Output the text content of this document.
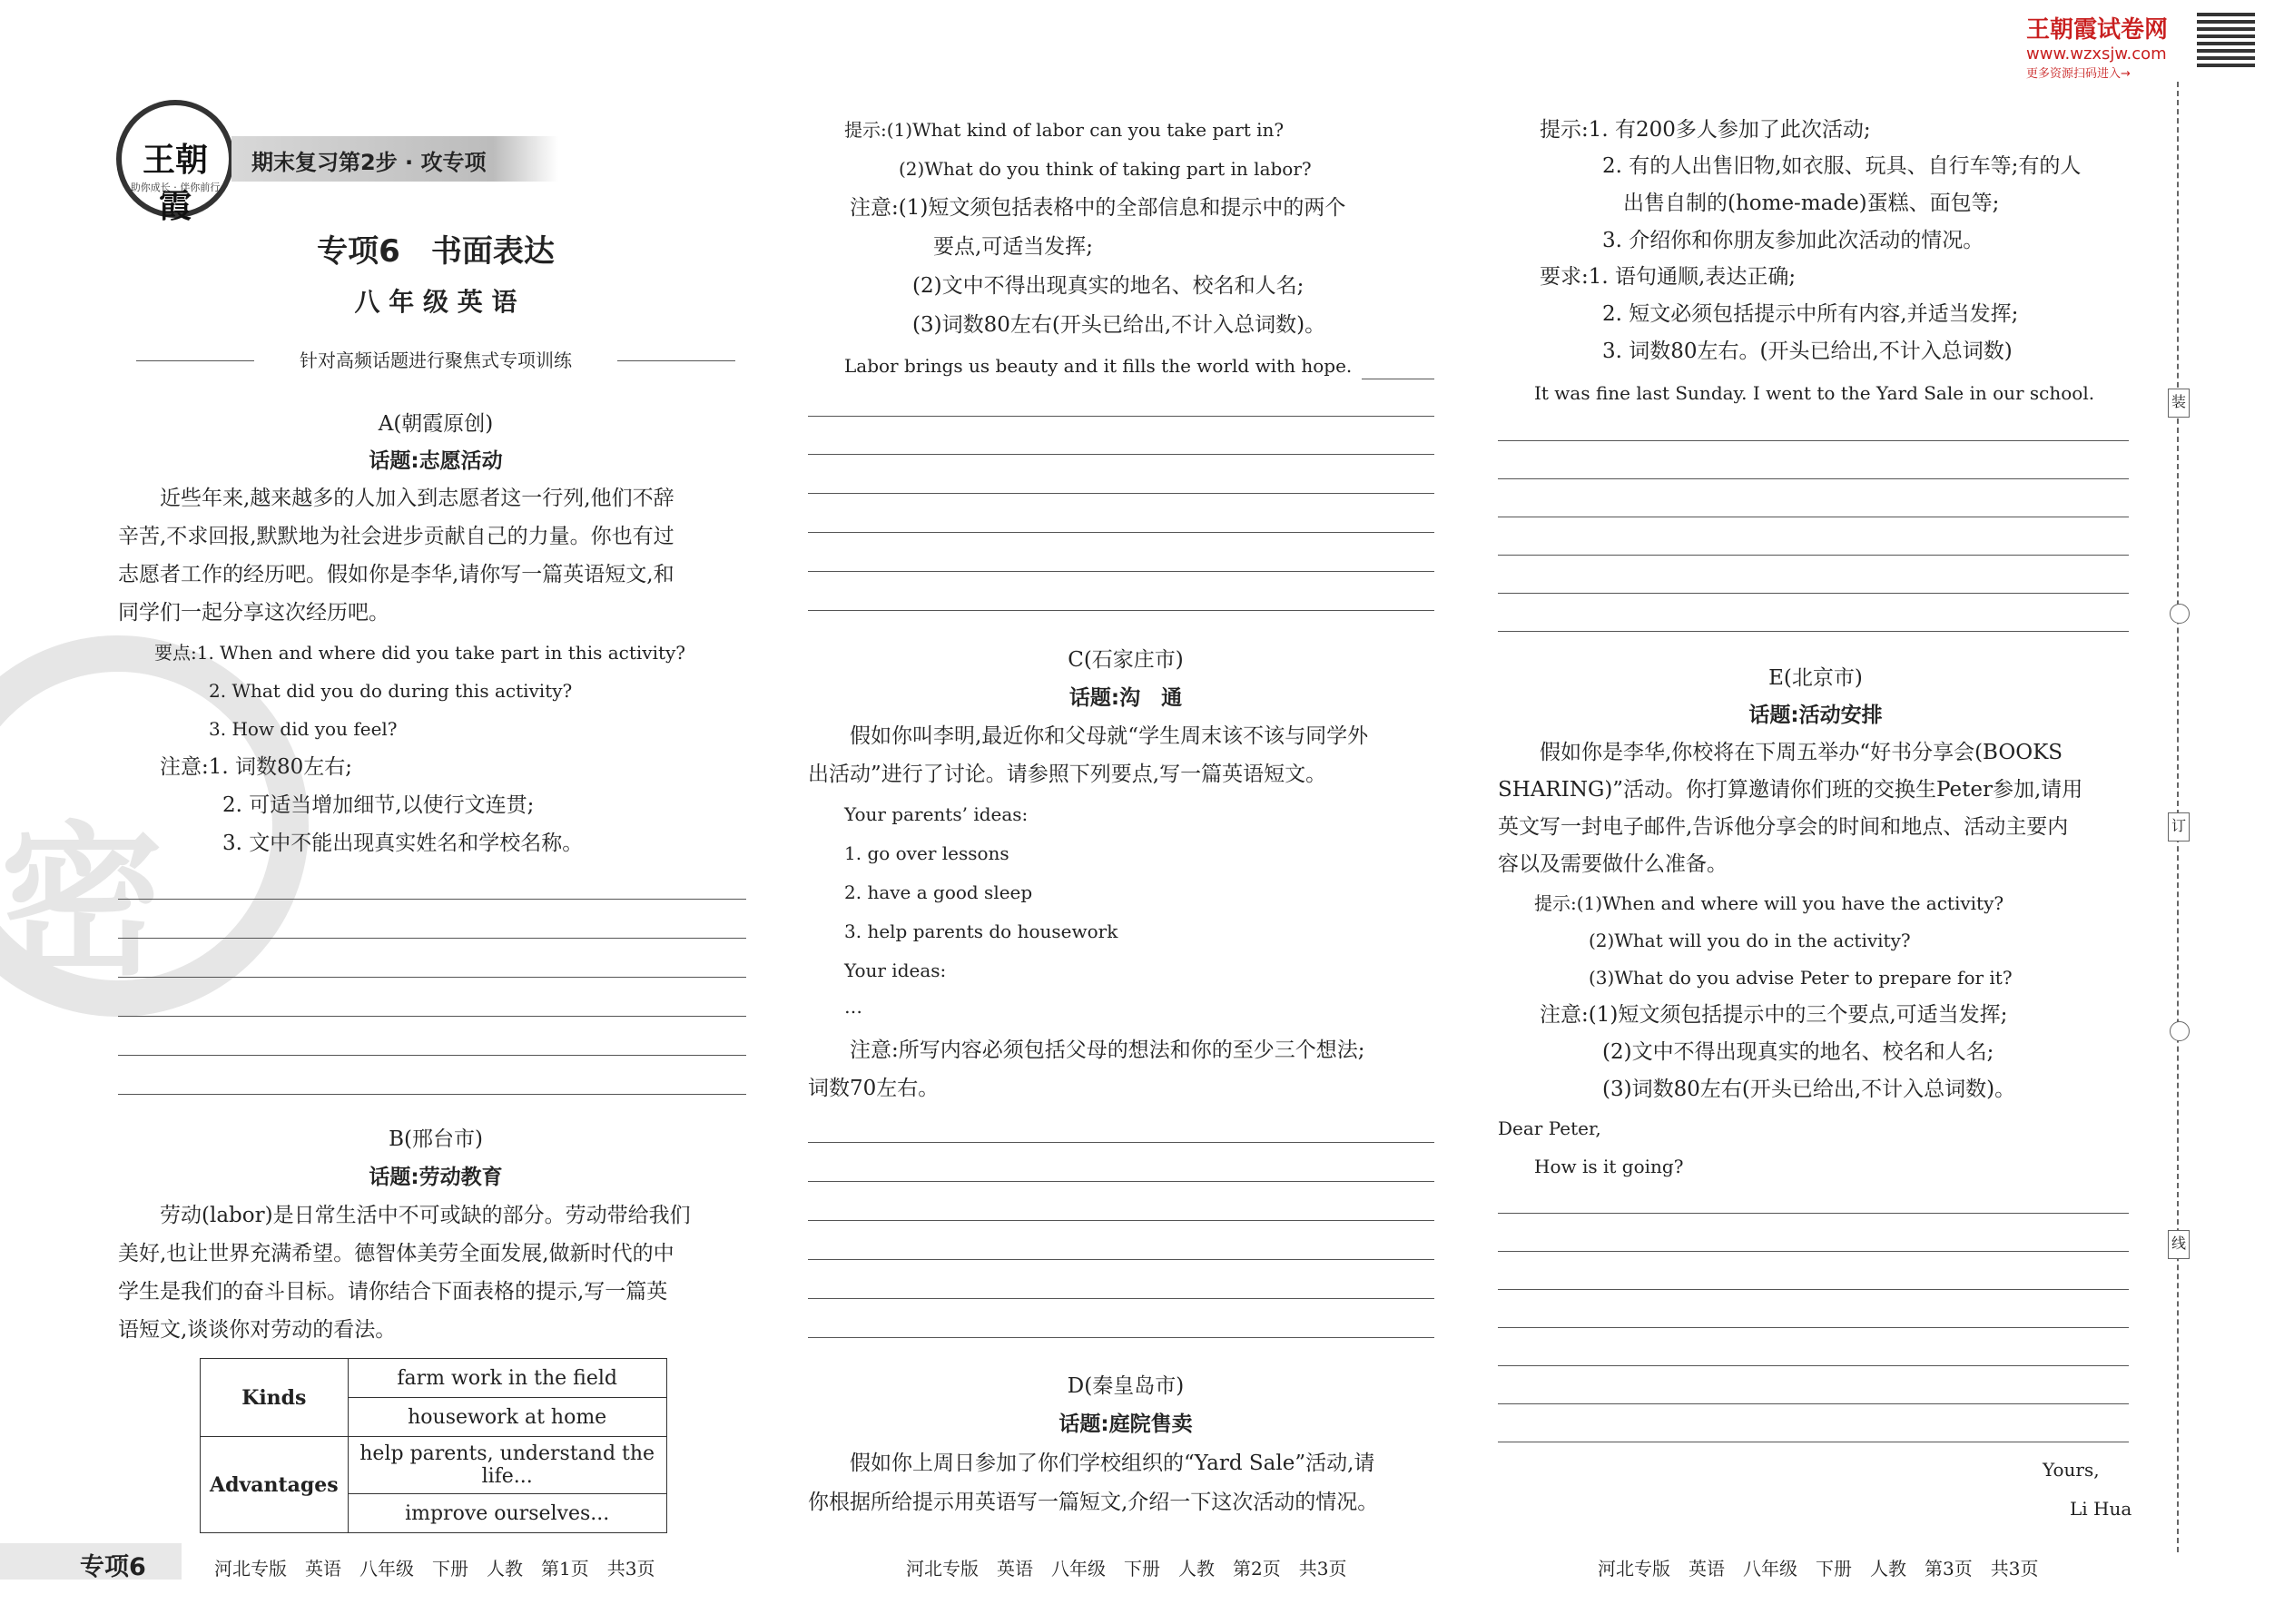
王朝霞试卷网
www.wzxsjw.com
更多资源扫码进入→
装
订
线
密
王朝霞
助你成长 · 伴你前行
期末复习第2步 · 攻专项
专项6　书面表达
八 年 级 英 语
针对高频话题进行聚焦式专项训练
A(朝霞原创)
话题:志愿活动
　　近些年来,越来越多的人加入到志愿者这一行列,他们不辞
辛苦,不求回报,默默地为社会进步贡献自己的力量。你也有过
志愿者工作的经历吧。假如你是李华,请你写一篇英语短文,和
同学们一起分享这次经历吧。
　　要点:1. When and where did you take part in this activity?
　　　　　2. What did you do during this activity?
　　　　　3. How did you feel?
　　注意:1. 词数80左右;
　　　　　2. 可适当增加细节,以使行文连贯;
　　　　　3. 文中不能出现真实姓名和学校名称。
B(邢台市)
话题:劳动教育
　　劳动(labor)是日常生活中不可或缺的部分。劳动带给我们
美好,也让世界充满希望。德智体美劳全面发展,做新时代的中
学生是我们的奋斗目标。请你结合下面表格的提示,写一篇英
语短文,谈谈你对劳动的看法。
Kinds	farm work in the field
	housework at home
Advantages	help parents, understand the life...
	improve ourselves...
　　提示:(1)What kind of labor can you take part in?
　　　　　(2)What do you think of taking part in labor?
　　注意:(1)短文须包括表格中的全部信息和提示中的两个
　　　　　　要点,可适当发挥;
　　　　　(2)文中不得出现真实的地名、校名和人名;
　　　　　(3)词数80左右(开头已给出,不计入总词数)。
　　Labor brings us beauty and it fills the world with hope.
C(石家庄市)
话题:沟　通
　　假如你叫李明,最近你和父母就“学生周末该不该与同学外
出活动”进行了讨论。请参照下列要点,写一篇英语短文。
　　Your parents’ ideas:
　　1. go over lessons
　　2. have a good sleep
　　3. help parents do housework
　　Your ideas:
　　…
　　注意:所写内容必须包括父母的想法和你的至少三个想法;
词数70左右。
D(秦皇岛市)
话题:庭院售卖
　　假如你上周日参加了你们学校组织的“Yard Sale”活动,请
你根据所给提示用英语写一篇短文,介绍一下这次活动的情况。
　　提示:1. 有200多人参加了此次活动;
　　　　　2. 有的人出售旧物,如衣服、玩具、自行车等;有的人
　　　　　　出售自制的(home-made)蛋糕、面包等;
　　　　　3. 介绍你和你朋友参加此次活动的情况。
　　要求:1. 语句通顺,表达正确;
　　　　　2. 短文必须包括提示中所有内容,并适当发挥;
　　　　　3. 词数80左右。(开头已给出,不计入总词数)
　　It was fine last Sunday. I went to the Yard Sale in our school.
E(北京市)
话题:活动安排
　　假如你是李华,你校将在下周五举办“好书分享会(BOOKS
SHARING)”活动。你打算邀请你们班的交换生Peter参加,请用
英文写一封电子邮件,告诉他分享会的时间和地点、活动主要内
容以及需要做什么准备。
　　提示:(1)When and where will you have the activity?
　　　　　(2)What will you do in the activity?
　　　　　(3)What do you advise Peter to prepare for it?
　　注意:(1)短文须包括提示中的三个要点,可适当发挥;
　　　　　(2)文中不得出现真实的地名、校名和人名;
　　　　　(3)词数80左右(开头已给出,不计入总词数)。
Dear Peter,
　　How is it going?
Yours,
Li Hua
专项6	河北专版　英语　八年级　下册　人教　第1页　共3页	河北专版　英语　八年级　下册　人教　第2页　共3页	河北专版　英语　八年级　下册　人教　第3页　共3页
